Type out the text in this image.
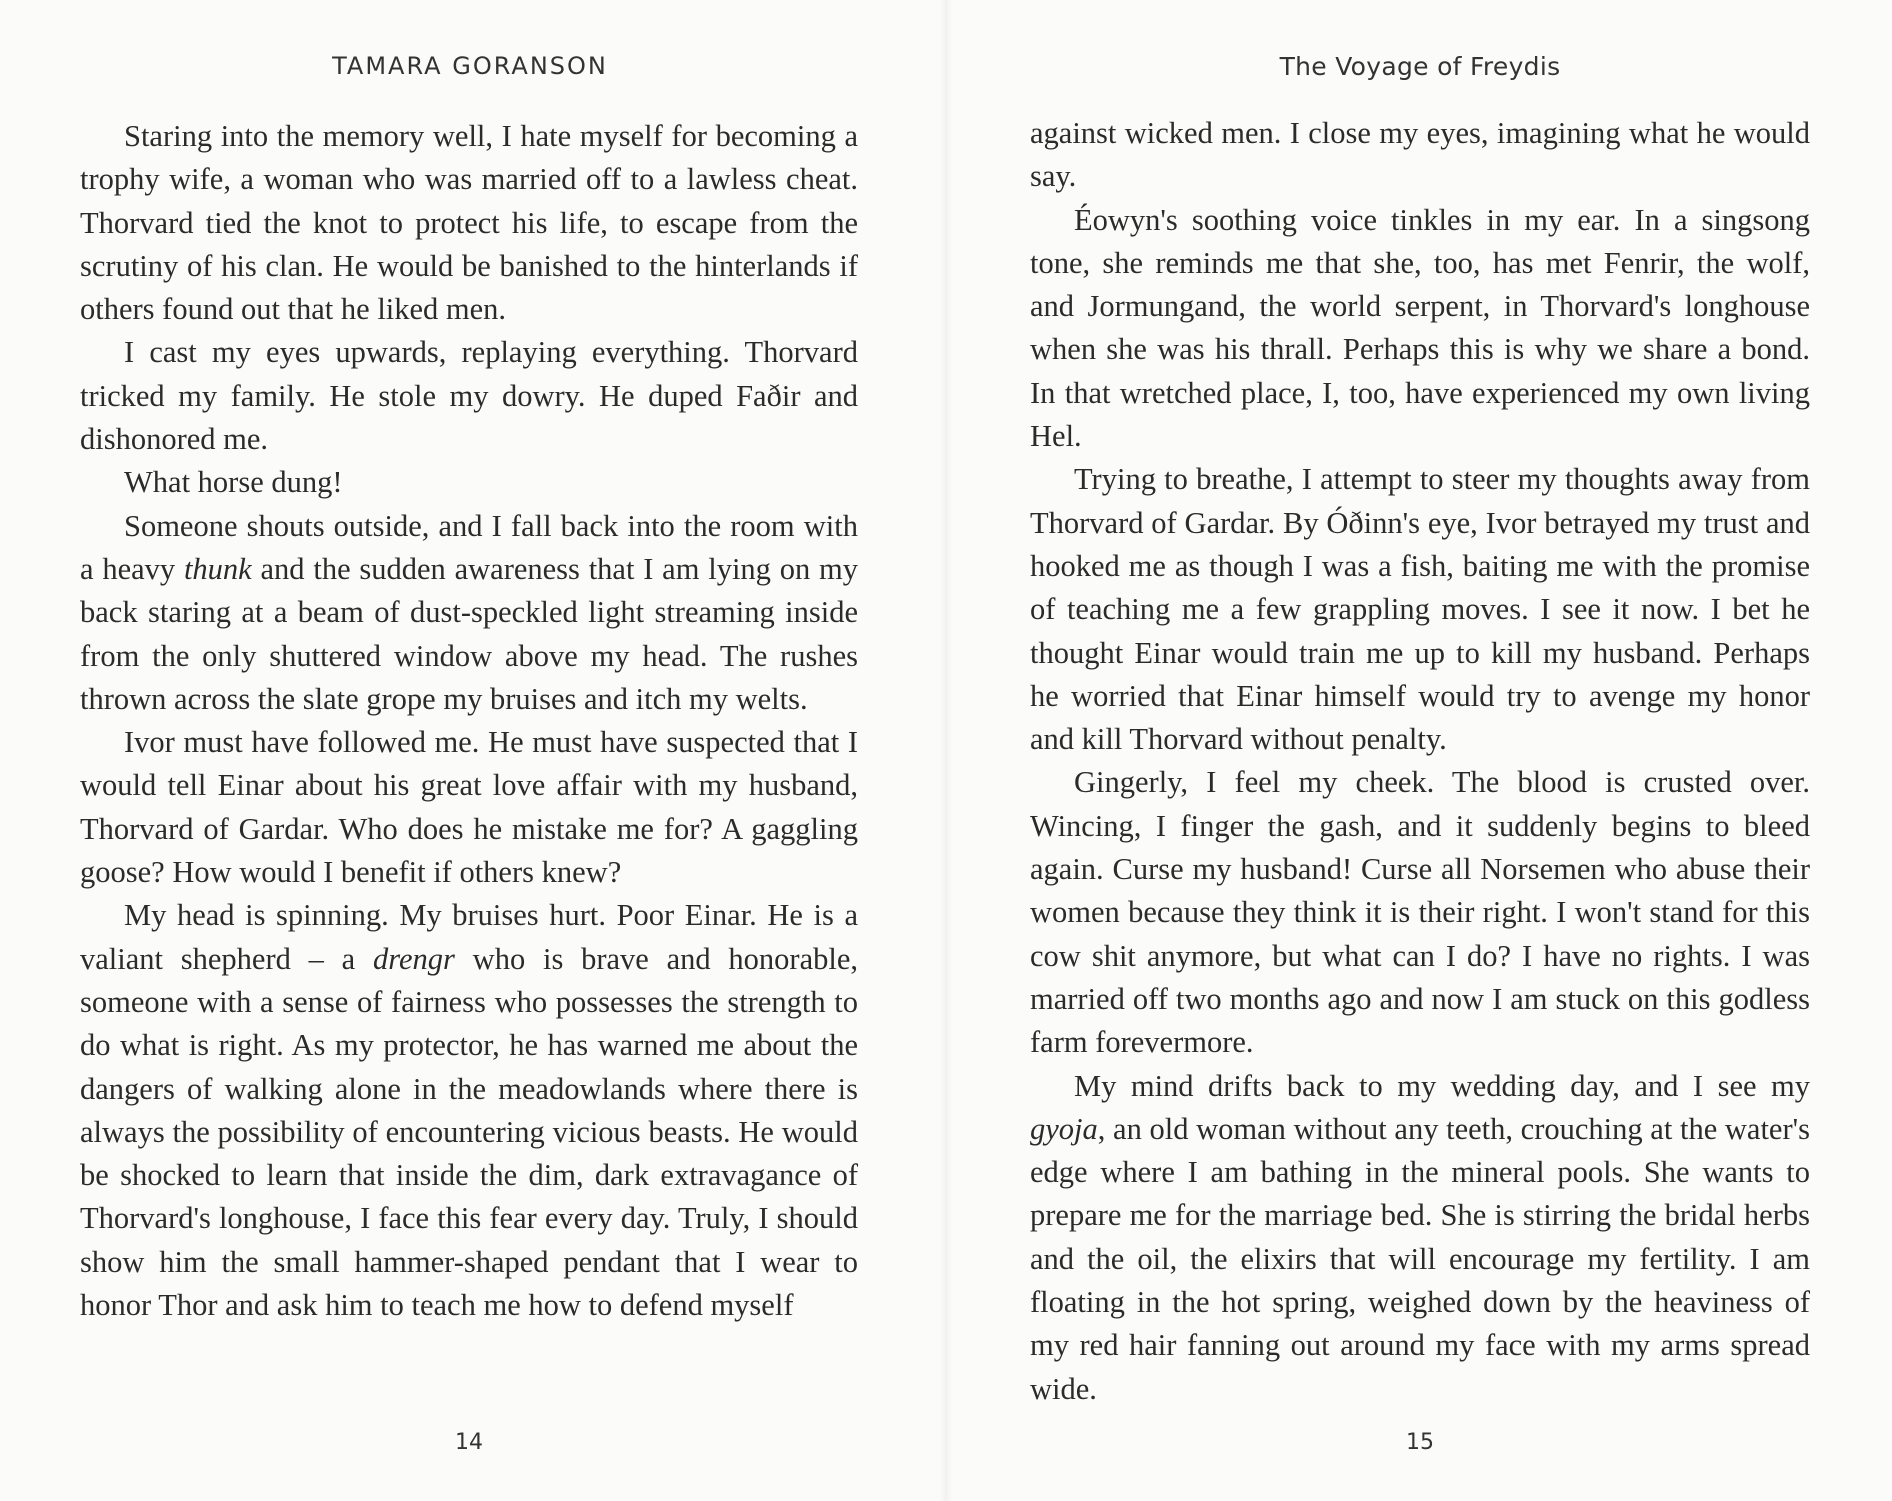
TAMARA GORANSON

Staring into the memory well, I hate myself for becoming a trophy wife, a woman who was married off to a lawless cheat. Thorvard tied the knot to protect his life, to escape from the scrutiny of his clan. He would be banished to the hinterlands if others found out that he liked men.

I cast my eyes upwards, replaying everything. Thorvard tricked my family. He stole my dowry. He duped Faðir and dishonored me.

What horse dung!

Someone shouts outside, and I fall back into the room with a heavy thunk and the sudden awareness that I am lying on my back staring at a beam of dust-speckled light streaming inside from the only shuttered window above my head. The rushes thrown across the slate grope my bruises and itch my welts.

Ivor must have followed me. He must have suspected that I would tell Einar about his great love affair with my husband, Thorvard of Gardar. Who does he mistake me for? A gaggling goose? How would I benefit if others knew?

My head is spinning. My bruises hurt. Poor Einar. He is a valiant shepherd – a drengr who is brave and honorable, someone with a sense of fairness who possesses the strength to do what is right. As my protector, he has warned me about the dangers of walking alone in the meadowlands where there is always the possibility of encountering vicious beasts. He would be shocked to learn that inside the dim, dark extravagance of Thorvard's longhouse, I face this fear every day. Truly, I should show him the small hammer-shaped pendant that I wear to honor Thor and ask him to teach me how to defend myself

14
The Voyage of Freydis

against wicked men. I close my eyes, imagining what he would say.

Éowyn's soothing voice tinkles in my ear. In a singsong tone, she reminds me that she, too, has met Fenrir, the wolf, and Jormungand, the world serpent, in Thorvard's longhouse when she was his thrall. Perhaps this is why we share a bond. In that wretched place, I, too, have experienced my own living Hel.

Trying to breathe, I attempt to steer my thoughts away from Thorvard of Gardar. By Óðinn's eye, Ivor betrayed my trust and hooked me as though I was a fish, baiting me with the promise of teaching me a few grappling moves. I see it now. I bet he thought Einar would train me up to kill my husband. Perhaps he worried that Einar himself would try to avenge my honor and kill Thorvard without penalty.

Gingerly, I feel my cheek. The blood is crusted over. Wincing, I finger the gash, and it suddenly begins to bleed again. Curse my husband! Curse all Norsemen who abuse their women because they think it is their right. I won't stand for this cow shit anymore, but what can I do? I have no rights. I was married off two months ago and now I am stuck on this godless farm forevermore.

My mind drifts back to my wedding day, and I see my gyoja, an old woman without any teeth, crouching at the water's edge where I am bathing in the mineral pools. She wants to prepare me for the marriage bed. She is stirring the bridal herbs and the oil, the elixirs that will encourage my fertility. I am floating in the hot spring, weighed down by the heaviness of my red hair fanning out around my face with my arms spread wide.

15
